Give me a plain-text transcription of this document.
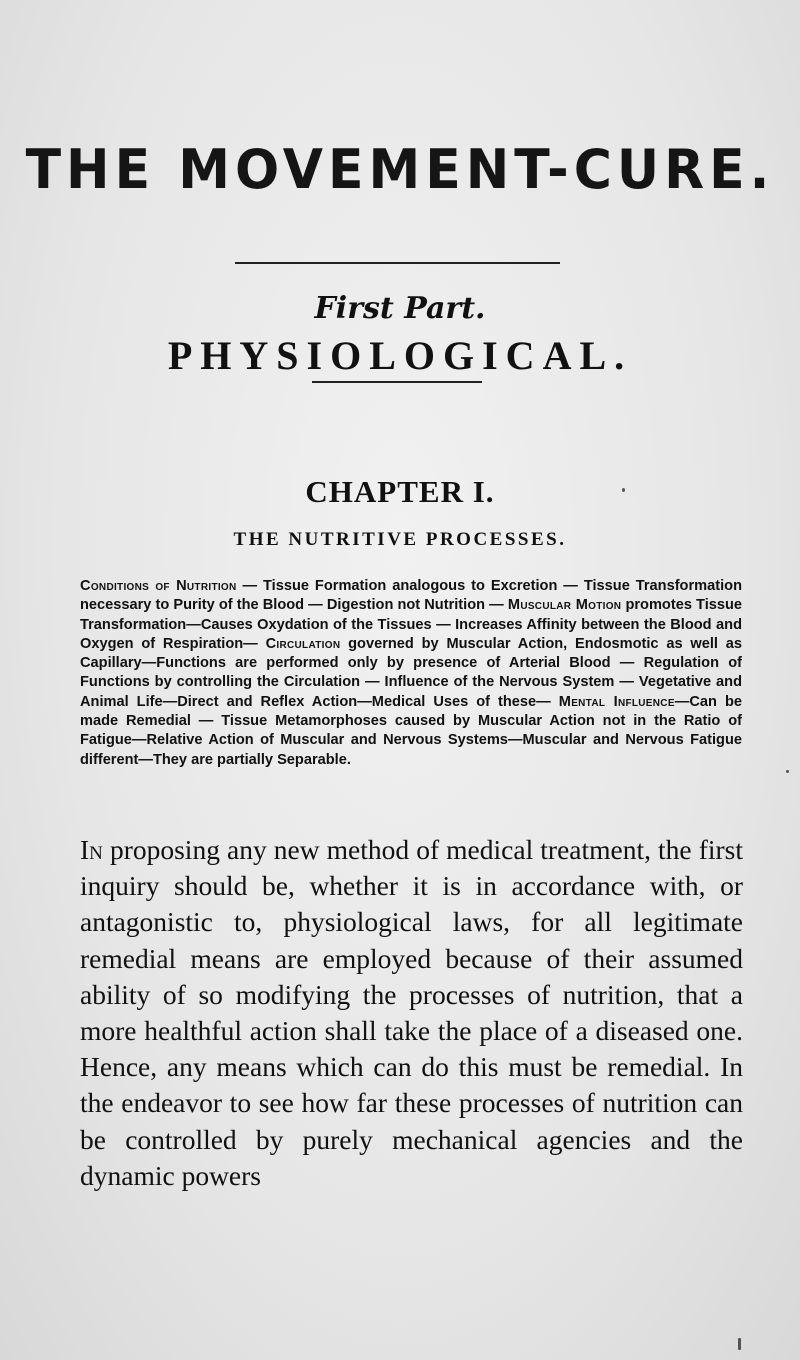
THE MOVEMENT-CURE.
First Part.
PHYSIOLOGICAL.
CHAPTER I.
THE NUTRITIVE PROCESSES.
Conditions of Nutrition — Tissue Formation analogous to Excretion — Tissue Transformation necessary to Purity of the Blood — Digestion not Nutrition — Muscular Motion promotes Tissue Transformation—Causes Oxydation of the Tissues — Increases Affinity between the Blood and Oxygen of Respiration— Circulation governed by Muscular Action, Endosmotic as well as Capillary—Functions are performed only by presence of Arterial Blood — Regulation of Functions by controlling the Circulation — Influence of the Nervous System — Vegetative and Animal Life—Direct and Reflex Action—Medical Uses of these— Mental Influence—Can be made Remedial — Tissue Metamorphoses caused by Muscular Action not in the Ratio of Fatigue—Relative Action of Muscular and Nervous Systems—Muscular and Nervous Fatigue different—They are partially Separable.
In proposing any new method of medical treatment, the first inquiry should be, whether it is in accordance with, or antagonistic to, physiological laws, for all legitimate remedial means are employed because of their assumed ability of so modifying the processes of nutrition, that a more healthful action shall take the place of a diseased one. Hence, any means which can do this must be remedial. In the endeavor to see how far these processes of nutrition can be controlled by purely mechanical agencies and the dynamic powers
